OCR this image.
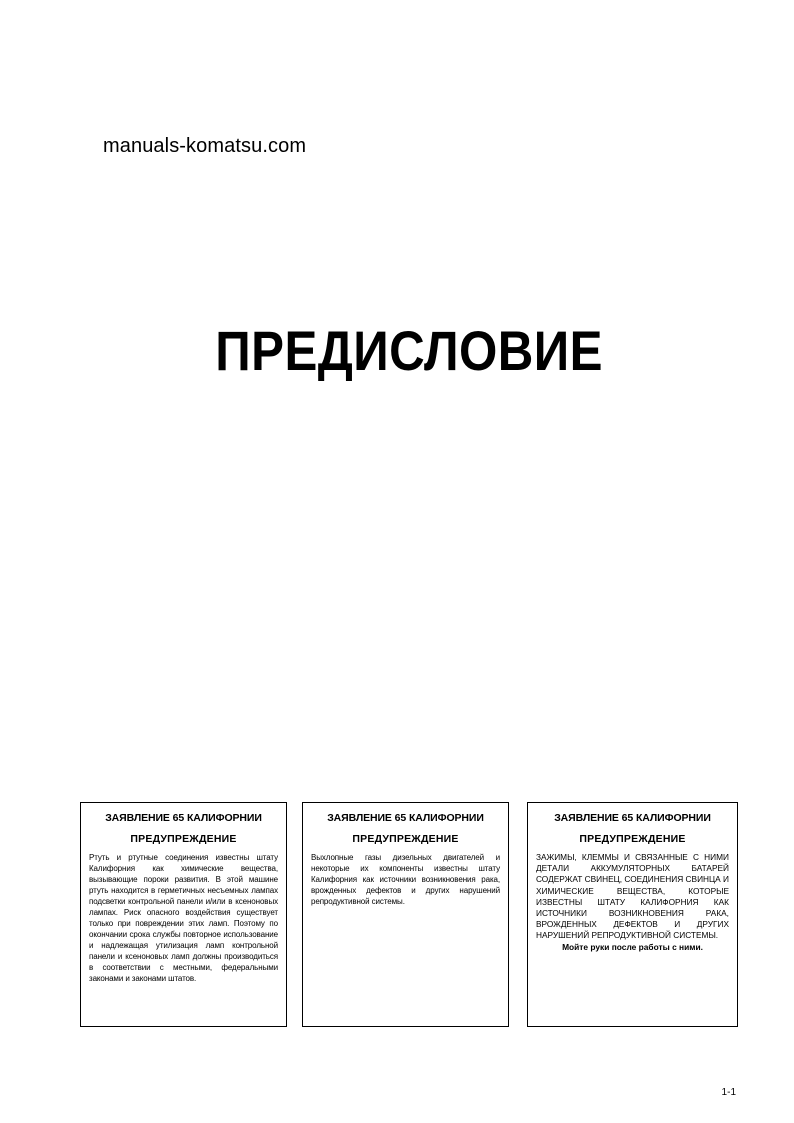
manuals-komatsu.com
ПРЕДИСЛОВИЕ

ЗАЯВЛЕНИЕ 65 КАЛИФОРНИИ

ПРЕДУПРЕЖДЕНИЕ

Ртуть и ртутные соединения известны штату Калифорния как химические вещества, вызывающие пороки развития. В этой машине ртуть находится в герметичных несъемных лампах подсветки контрольной панели и/или в ксеноновых лампах. Риск опасного воздействия существует только при повреждении этих ламп. Поэтому по окончании срока службы повторное использование и надлежащая утилизация ламп контрольной панели и ксеноновых ламп должны производиться в соответствии с местными, федеральными законами и законами штатов.

ЗАЯВЛЕНИЕ 65 КАЛИФОРНИИ

ПРЕДУПРЕЖДЕНИЕ

Выхлопные газы дизельных двигателей и некоторые их компоненты известны штату Калифорния как источники возникновения рака, врожденных дефектов и других нарушений репродуктивной системы.

ЗАЯВЛЕНИЕ 65 КАЛИФОРНИИ

ПРЕДУПРЕЖДЕНИЕ

ЗАЖИМЫ, КЛЕММЫ И СВЯЗАННЫЕ С НИМИ ДЕТАЛИ АККУМУЛЯТОРНЫХ БАТАРЕЙ СОДЕРЖАТ СВИНЕЦ, СОЕДИНЕНИЯ СВИНЦА И ХИМИЧЕСКИЕ ВЕЩЕСТВА, КОТОРЫЕ ИЗВЕСТНЫ ШТАТУ КАЛИФОРНИЯ КАК ИСТОЧНИКИ ВОЗНИКНОВЕНИЯ РАКА, ВРОЖДЕННЫХ ДЕФЕКТОВ И ДРУГИХ НАРУШЕНИЙ РЕПРОДУКТИВНОЙ СИСТЕМЫ.

Мойте руки после работы с ними.

1-1
